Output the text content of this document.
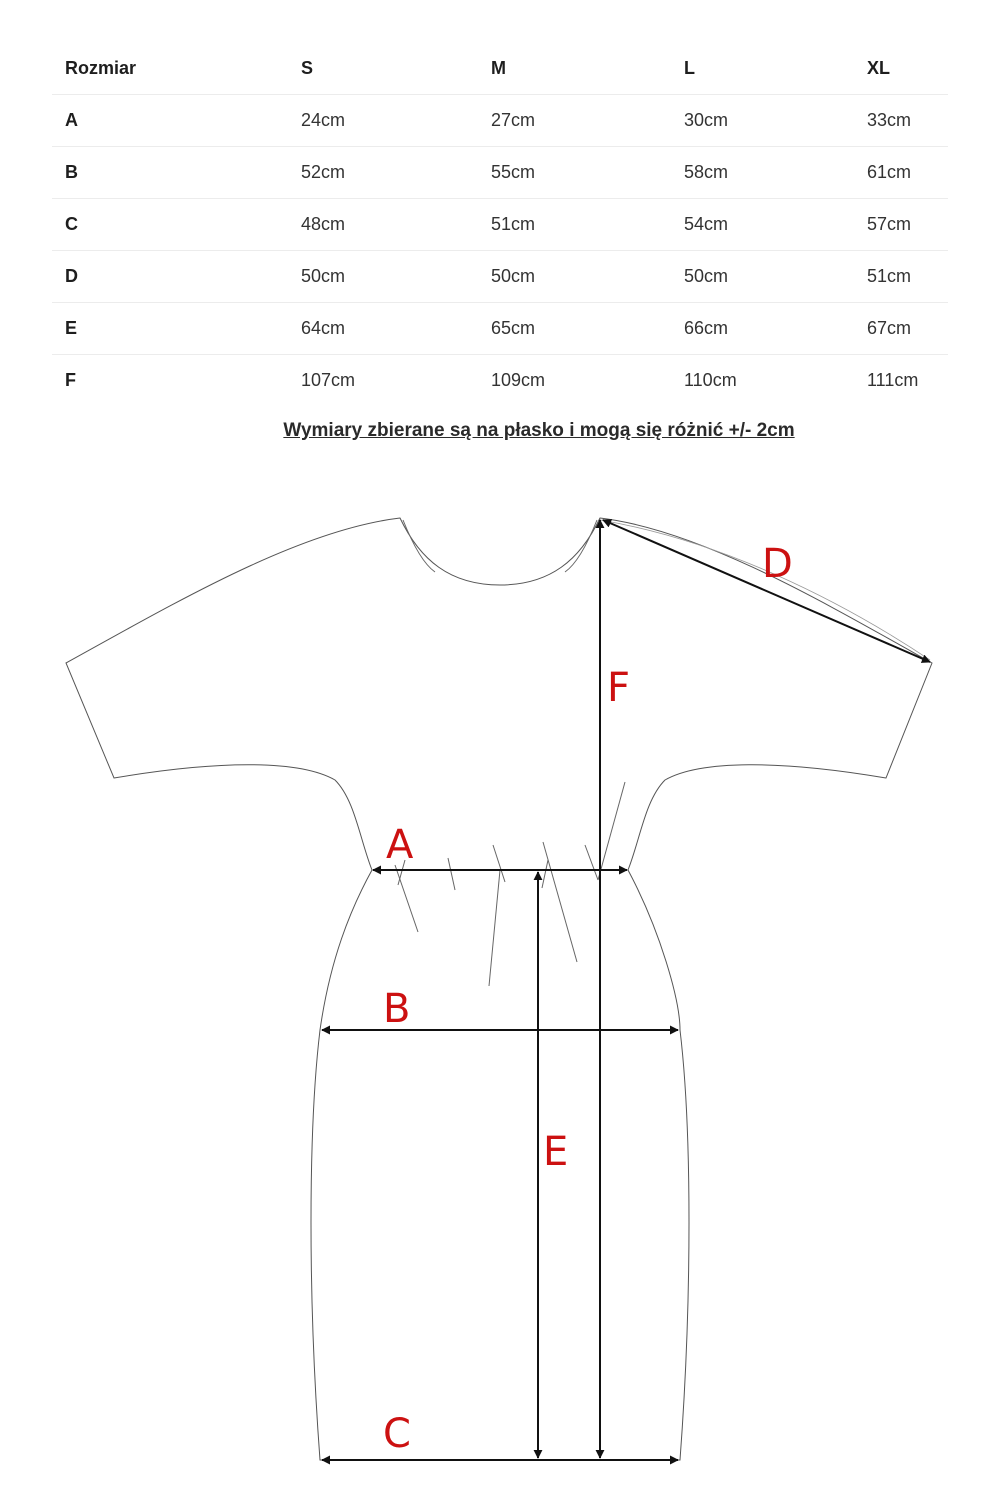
Rozmiar	S	M	L	XL
A	24cm	27cm	30cm	33cm
B	52cm	55cm	58cm	61cm
C	48cm	51cm	54cm	57cm
D	50cm	50cm	50cm	51cm
E	64cm	65cm	66cm	67cm
F	107cm	109cm	110cm	111cm
Wymiary zbierane są na płasko i mogą się różnić +/- 2cm
A
B
C
D
E
F
